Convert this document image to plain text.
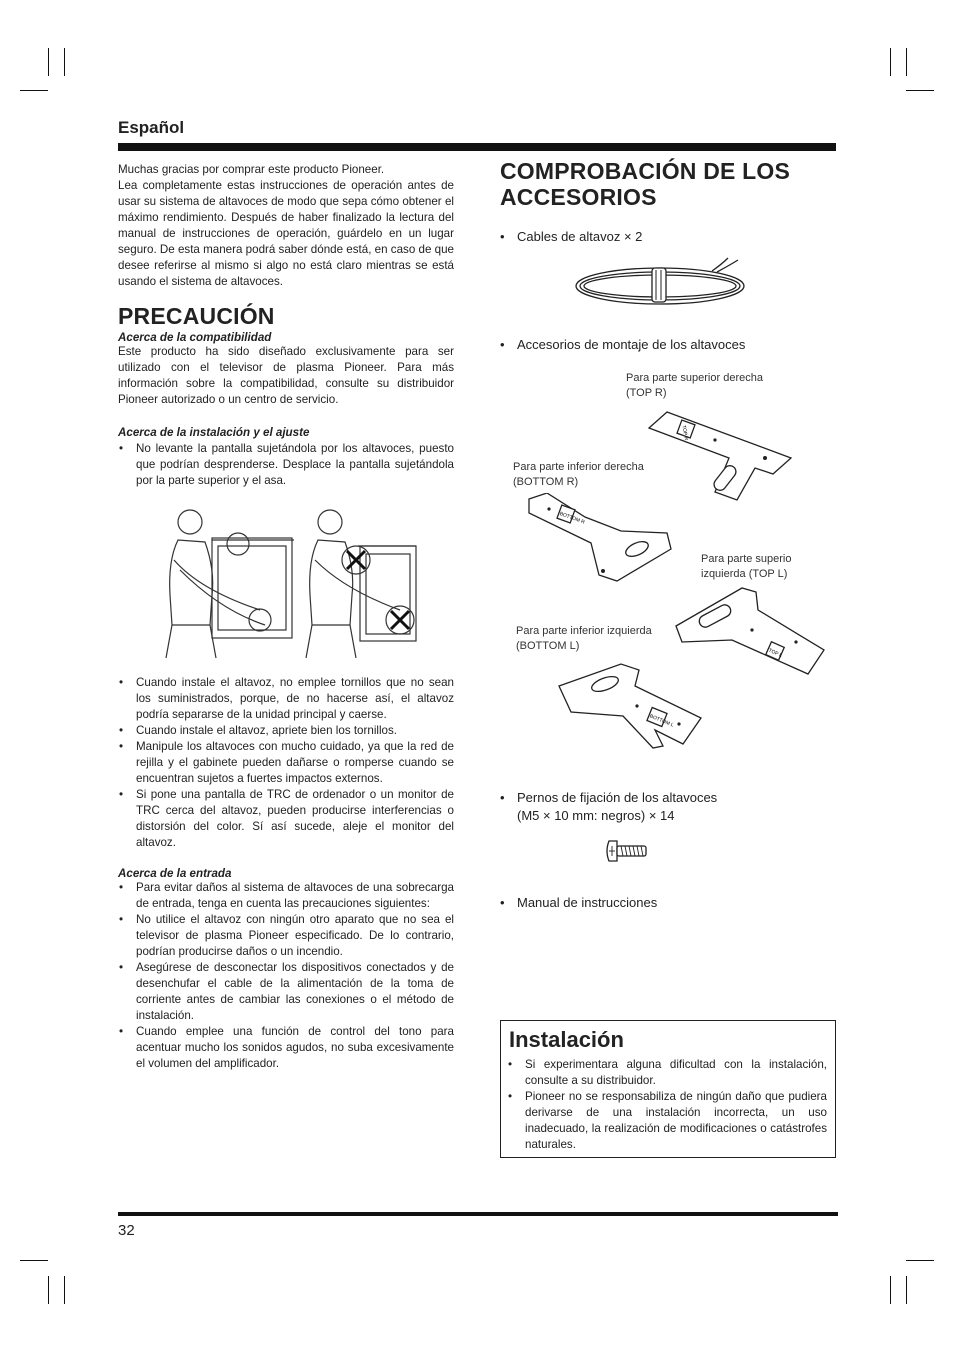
Español

Muchas gracias por comprar este producto Pioneer.

Lea completamente estas instrucciones de operación antes de usar su sistema de altavoces de modo que sepa cómo obtener el máximo rendimiento. Después de haber finalizado la lectura del manual de instrucciones de operación, guárdelo en un lugar seguro. De esta manera podrá saber dónde está, en caso de que desee referirse al mismo si algo no está claro mientras se está usando el sistema de altavoces.

PRECAUCIÓN
Acerca de la compatibilidad

Este producto ha sido diseñado exclusivamente para ser utilizado con el televisor de plasma Pioneer. Para más información sobre la compatibilidad, consulte su distribuidor Pioneer autorizado o un centro de servicio.

Acerca de la instalación y el ajuste
• No levante la pantalla sujetándola por los altavoces, puesto que podrían desprenderse. Desplace la pantalla sujetándola por la parte superior y el asa.
• Cuando instale el altavoz, no emplee tornillos que no sean los suministrados, porque, de no hacerse así, el altavoz podría separarse de la unidad principal y caerse.
• Cuando instale el altavoz, apriete bien los tornillos.
• Manipule los altavoces con mucho cuidado, ya que la red de rejilla y el gabinete pueden dañarse o romperse cuando se encuentran sujetos a fuertes impactos externos.
• Si pone una pantalla de TRC de ordenador o un monitor de TRC cerca del altavoz, pueden producirse interferencias o distorsión del color. Sí así sucede, aleje el monitor del altavoz.
Acerca de la entrada
• Para evitar daños al sistema de altavoces de una sobrecarga de entrada, tenga en cuenta las precauciones siguientes:
• No utilice el altavoz con ningún otro aparato que no sea el televisor de plasma Pioneer especificado. De lo contrario, podrían producirse daños o un incendio.
• Asegúrese de desconectar los dispositivos conectados y de desenchufar el cable de la alimentación de la toma de corriente antes de cambiar las conexiones o el método de instalación.
• Cuando emplee una función de control del tono para acentuar mucho los sonidos agudos, no suba excesivamente el volumen del amplificador.
COMPROBACIÓN DE LOS ACCESORIOS
• Cables de altavoz × 2
• Accesorios de montaje de los altavoces
Para parte superior derecha (TOP R)
Para parte inferior derecha (BOTTOM R)
Para parte superio izquierda (TOP L)
Para parte inferior izquierda (BOTTOM L)
TOP R
BOTTOM R
TOP L
BOTTOM L
• Pernos de fijación de los altavoces
(M5 × 10 mm: negros) × 14
• Manual de instrucciones
Instalación
• Si experimentara alguna dificultad con la instalación, consulte a su distribuidor.
• Pioneer no se responsabiliza de ningún daño que pudiera derivarse de una instalación incorrecta, un uso inadecuado, la realización de modificaciones o catástrofes naturales.
32
